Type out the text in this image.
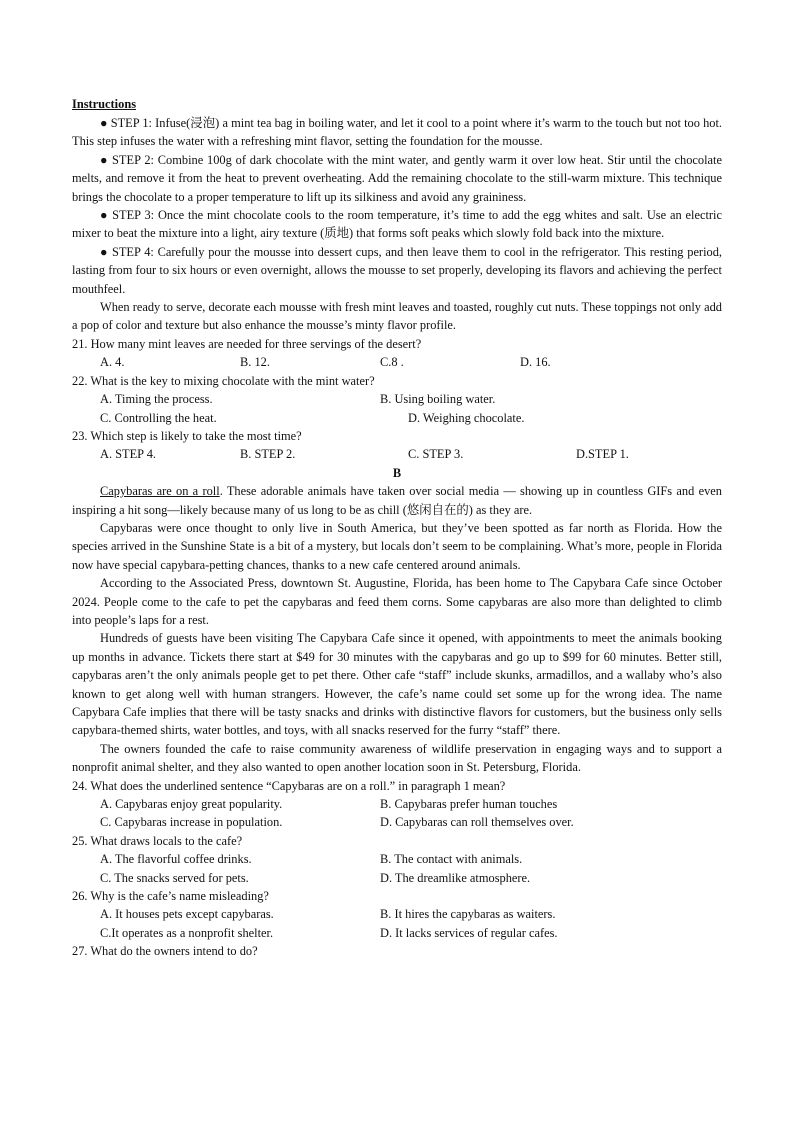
Instructions

● STEP 1: Infuse(浸泡) a mint tea bag in boiling water, and let it cool to a point where it’s warm to the touch but not too hot. This step infuses the water with a refreshing mint flavor, setting the foundation for the mousse.

● STEP 2: Combine 100g of dark chocolate with the mint water, and gently warm it over low heat. Stir until the chocolate melts, and remove it from the heat to prevent overheating. Add the remaining chocolate to the still-warm mixture. This technique brings the chocolate to a proper temperature to lift up its silkiness and avoid any graininess.

● STEP 3: Once the mint chocolate cools to the room temperature, it’s time to add the egg whites and salt. Use an electric mixer to beat the mixture into a light, airy texture (质地) that forms soft peaks which slowly fold back into the mixture.

● STEP 4: Carefully pour the mousse into dessert cups, and then leave them to cool in the refrigerator. This resting period, lasting from four to six hours or even overnight, allows the mousse to set properly, developing its flavors and achieving the perfect mouthfeel.

When ready to serve, decorate each mousse with fresh mint leaves and toasted, roughly cut nuts. These toppings not only add a pop of color and texture but also enhance the mousse’s minty flavor profile.

21. How many mint leaves are needed for three servings of the desert?

A. 4.	B. 12.	C.8 .	D. 16.

22. What is the key to mixing chocolate with the mint water?

A. Timing the process.	B. Using boiling water.
C. Controlling the heat.	D. Weighing chocolate.

23. Which step is likely to take the most time?

A. STEP 4.	B. STEP 2.	C. STEP 3.	D.STEP 1.

B

Capybaras are on a roll. These adorable animals have taken over social media — showing up in countless GIFs and even inspiring a hit song—likely because many of us long to be as chill (悠闲自在的) as they are.

Capybaras were once thought to only live in South America, but they’ve been spotted as far north as Florida. How the species arrived in the Sunshine State is a bit of a mystery, but locals don’t seem to be complaining. What’s more, people in Florida now have special capybara-petting chances, thanks to a new cafe centered around animals.

According to the Associated Press, downtown St. Augustine, Florida, has been home to The Capybara Cafe since October 2024. People come to the cafe to pet the capybaras and feed them corns. Some capybaras are also more than delighted to climb into people’s laps for a rest.

Hundreds of guests have been visiting The Capybara Cafe since it opened, with appointments to meet the animals booking up months in advance. Tickets there start at $49 for 30 minutes with the capybaras and go up to $99 for 60 minutes. Better still, capybaras aren’t the only animals people get to pet there. Other cafe “staff” include skunks, armadillos, and a wallaby who’s also known to get along well with human strangers. However, the cafe’s name could set some up for the wrong idea. The name Capybara Cafe implies that there will be tasty snacks and drinks with distinctive flavors for customers, but the business only sells capybara-themed shirts, water bottles, and toys, with all snacks reserved for the furry “staff” there.

The owners founded the cafe to raise community awareness of wildlife preservation in engaging ways and to support a nonprofit animal shelter, and they also wanted to open another location soon in St. Petersburg, Florida.

24. What does the underlined sentence “Capybaras are on a roll.” in paragraph 1 mean?

A. Capybaras enjoy great popularity.	B. Capybaras prefer human touches
C. Capybaras increase in population.	D. Capybaras can roll themselves over.

25. What draws locals to the cafe?

A. The flavorful coffee drinks.	B. The contact with animals.
C. The snacks served for pets.	D. The dreamlike atmosphere.

26. Why is the cafe’s name misleading?

A. It houses pets except capybaras.	B. It hires the capybaras as waiters.
C.It operates as a nonprofit shelter.	D. It lacks services of regular cafes.

27. What do the owners intend to do?
